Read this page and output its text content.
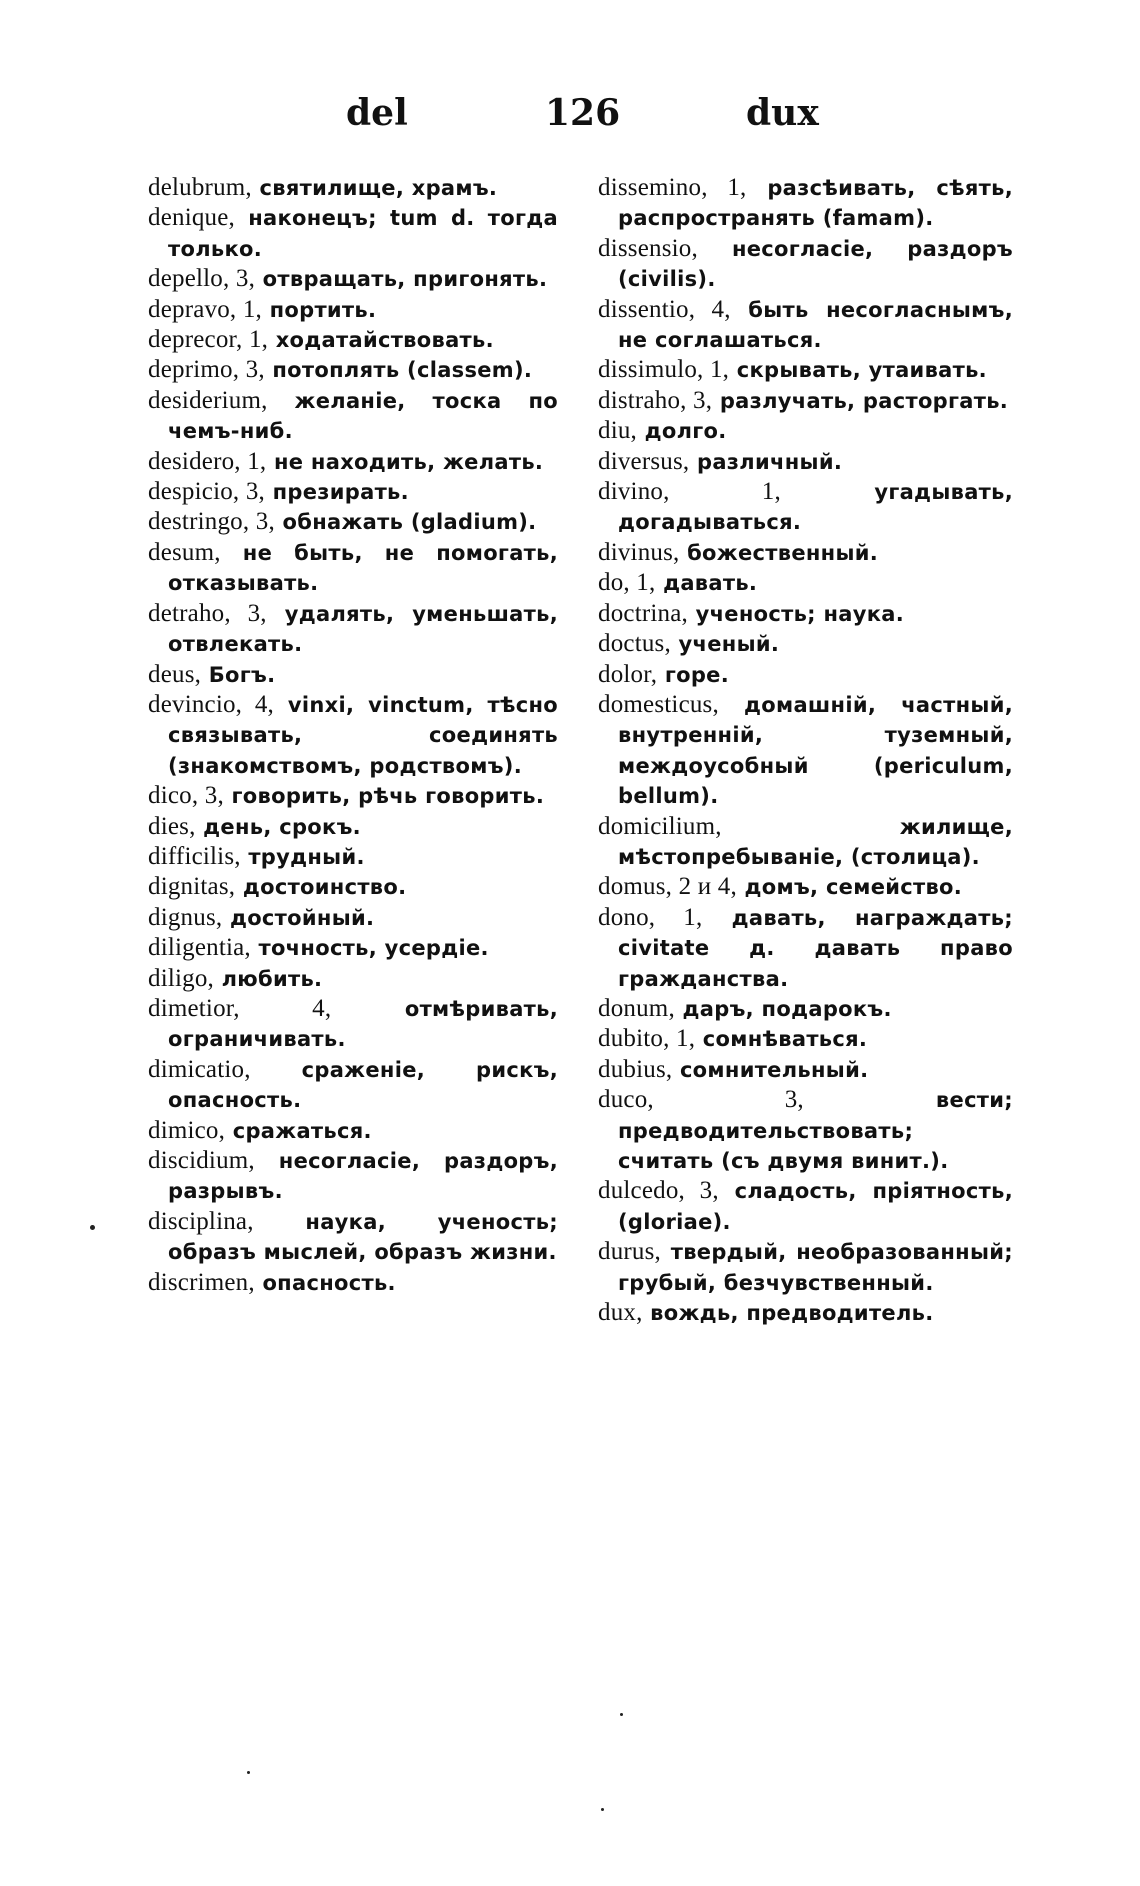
del	126	dux

delubrum, святилище, храмъ.

denique, наконецъ; tum d. тогда только.

depello, 3, отвращать, пригонять.

depravo, 1, портить.

deprecor, 1, ходатайствовать.

deprimo, 3, потоплять (classem).

desiderium, желаніе, тоска по чемъ-ниб.

desidero, 1, не находить, желать.

despicio, 3, презирать.

destringo, 3, обнажать (gladium).

desum, не быть, не помогать, отказывать.

detraho, 3, удалять, уменьшать, отвлекать.

deus, Богъ.

devincio, 4, vinxi, vinctum, тѣсно связывать, соединять (знакомствомъ, родствомъ).

dico, 3, говорить, рѣчь говорить.

dies, день, срокъ.

difficilis, трудный.

dignitas, достоинство.

dignus, достойный.

diligentia, точность, усердіе.

diligo, любить.

dimetior, 4, отмѣривать, ограничивать.

dimicatio, сраженіе, рискъ, опасность.

dimico, сражаться.

discidium, несогласіе, раздоръ, разрывъ.

disciplina, наука, ученость; образъ мыслей, образъ жизни.

discrimen, опасность.

dissemino, 1, разсѣивать, сѣять, распространять (famam).

dissensio, несогласіе, раздоръ (civilis).

dissentio, 4, быть несогласнымъ, не соглашаться.

dissimulo, 1, скрывать, утаивать.

distraho, 3, разлучать, расторгать.

diu, долго.

diversus, различный.

divino, 1, угадывать, догадываться.

divinus, божественный.

do, 1, давать.

doctrina, ученость; наука.

doctus, ученый.

dolor, горе.

domesticus, домашній, частный, внутренній, туземный, междоусобный (periculum, bellum).

domicilium, жилище, мѣстопребываніе, (столица).

domus, 2 и 4, домъ, семейство.

dono, 1, давать, награждать; civitate д. давать право гражданства.

donum, даръ, подарокъ.

dubito, 1, сомнѣваться.

dubius, сомнительный.

duco, 3, вести; предводительствовать; считать (съ двумя винит.).

dulcedo, 3, сладость, пріятность, (gloriae).

durus, твердый, необразованный; грубый, безчувственный.

dux, вождь, предводитель.
